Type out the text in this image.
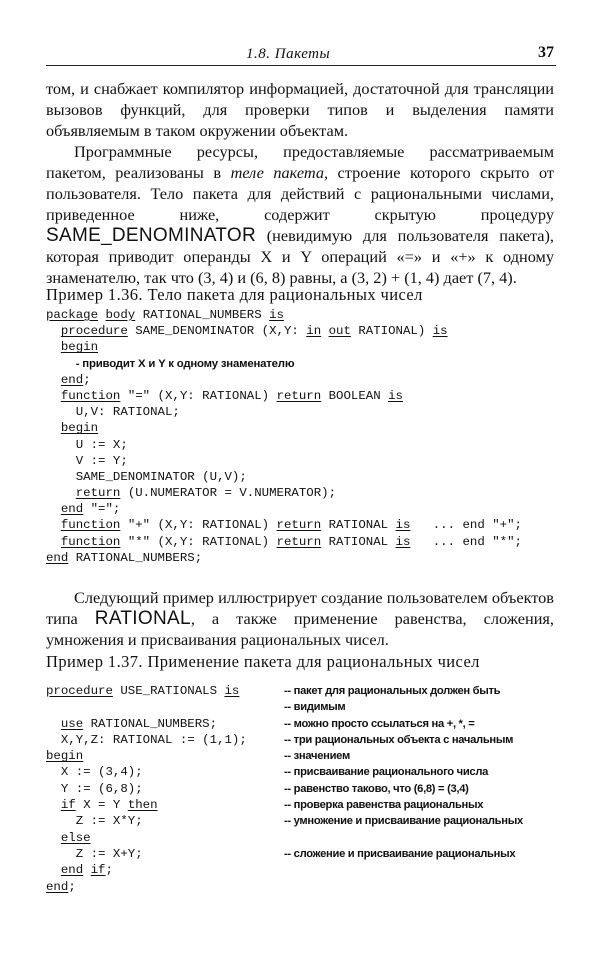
1.8. Пакеты	37

том, и снабжает компилятор информацией, достаточной для трансляции вызовов функций, для проверки типов и выделения памяти объявляемым в таком окружении объектам.

Программные ресурсы, предоставляемые рассматриваемым пакетом, реализованы в теле пакета, строение которого скрыто от пользователя. Тело пакета для действий с рациональными числами, приведенное ниже, содержит скрытую процедуру SAME_DENOMINATOR (невидимую для пользователя пакета), которая приводит операнды X и Y операций «=» и «+» к одному знаменателю, так что (3, 4) и (6, 8) равны, а (3, 2) + (1, 4) дает (7, 4).

Пример 1.36. Тело пакета для рациональных чисел
package body RATIONAL_NUMBERS is
procedure SAME_DENOMINATOR (X,Y: in out RATIONAL) is
begin
- приводит X и Y к одному знаменателю
end;
function "=" (X,Y: RATIONAL) return BOOLEAN is
U,V: RATIONAL;
begin
U := X;
V := Y;
SAME_DENOMINATOR (U,V);
return (U.NUMERATOR = V.NUMERATOR);
end "=";
function "+" (X,Y: RATIONAL) return RATIONAL is ... end "+";
function "*" (X,Y: RATIONAL) return RATIONAL is ... end "*";
end RATIONAL_NUMBERS;

Следующий пример иллюстрирует создание пользователем объектов типа RATIONAL, а также применение равенства, сложения, умножения и присваивания рациональных чисел.

Пример 1.37. Применение пакета для рациональных чисел
procedure USE_RATIONALS is	-- пакет для рациональных должен быть
-- видимым
use RATIONAL_NUMBERS;	-- можно просто ссылаться на +, *, =
X,Y,Z: RATIONAL := (1,1);	-- три рациональных объекта с начальным
begin	-- значением
X := (3,4);	-- присваивание рационального числа
Y := (6,8);	-- равенство таково, что (6,8) = (3,4)
if X = Y then	-- проверка равенства рациональных
Z := X*Y;	-- умножение и присваивание рациональных
else
Z := X+Y;	-- сложение и присваивание рациональных
end if;
end;
